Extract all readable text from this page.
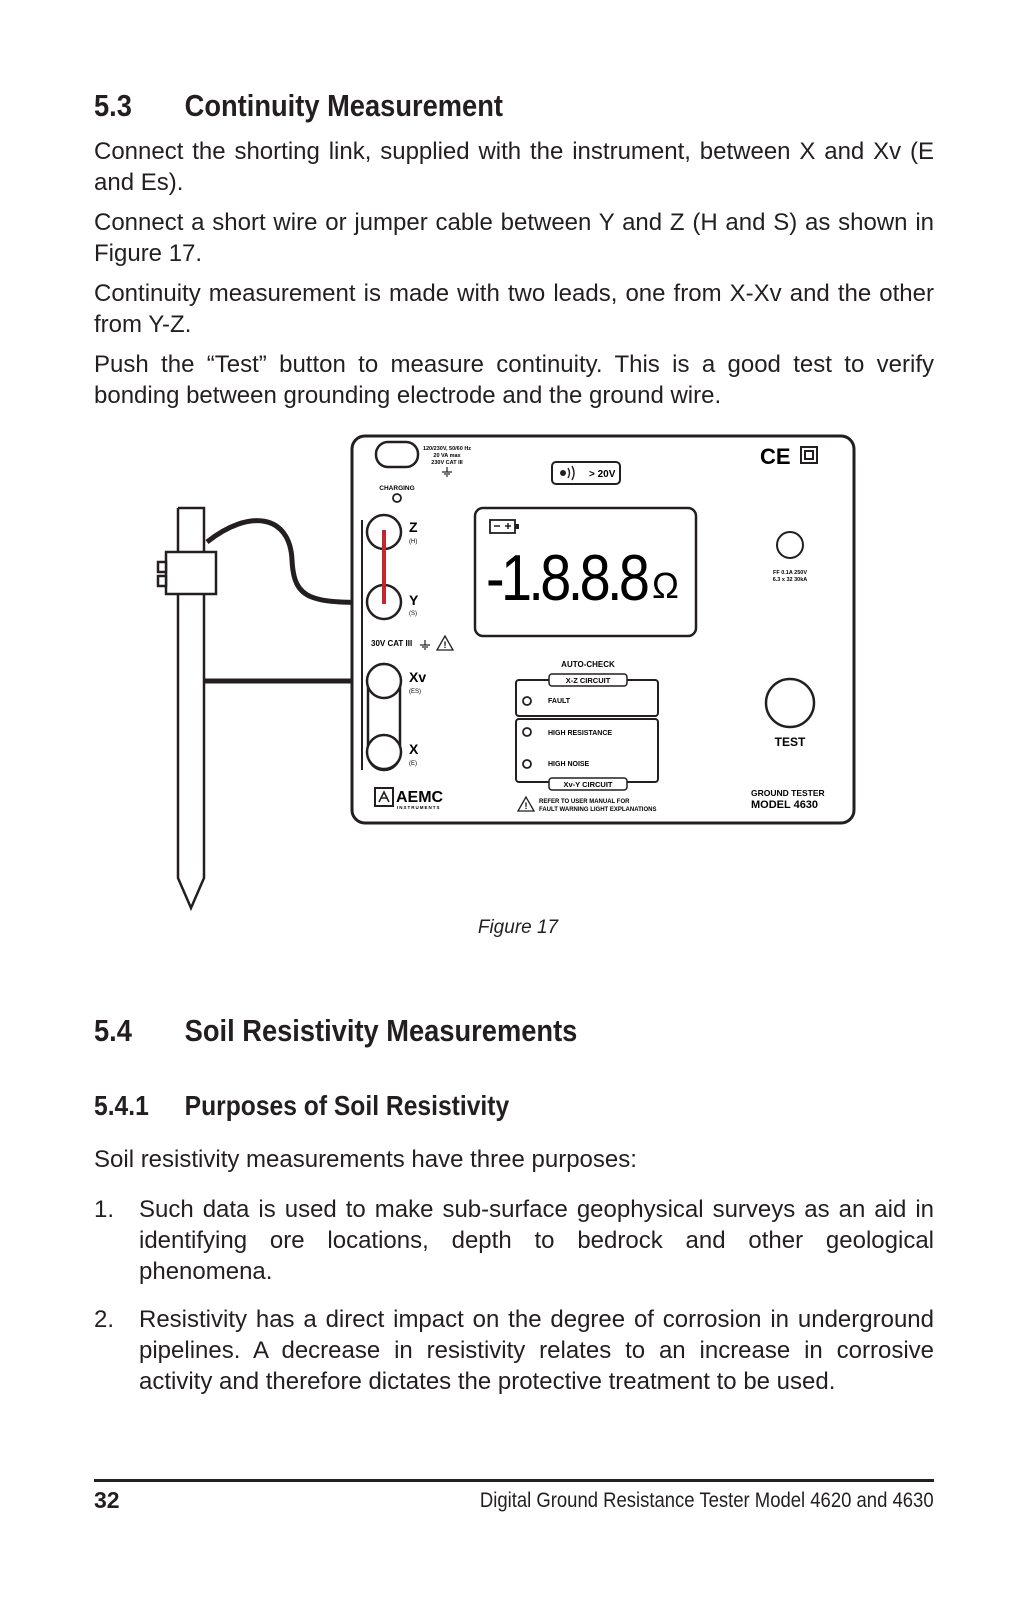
5.3 Continuity Measurement

Connect the shorting link, supplied with the instrument, between X and Xv (E and Es).

Connect a short wire or jumper cable between Y and Z (H and S) as shown in Figure 17.

Continuity measurement is made with two leads, one from X-Xv and the other from Y-Z.

Push the “Test” button to measure continuity. This is a good test to verify bonding between grounding electrode and the ground wire.

120/230V, 50/60 Hz
20 VA max
230V CAT III
CHARGING
> 20V
CE
Z
(H)
Y
(S)
30V CAT III	!
Xv
(ES)
X
(E)
-1.8.8.8 Ω
AUTO-CHECK
X-Z CIRCUIT
FAULT
HIGH RESISTANCE
HIGH NOISE
Xv-Y CIRCUIT
! REFER TO USER MANUAL FOR
FAULT WARNING LIGHT EXPLANATIONS
FF 0.1A 250V
6.3 x 32 30kA
TEST
AEMC
INSTRUMENTS
GROUND TESTER
MODEL 4630
Figure 17
5.4 Soil Resistivity Measurements
5.4.1 Purposes of Soil Resistivity

Soil resistivity measurements have three purposes:

1. Such data is used to make sub-surface geophysical surveys as an aid in identifying ore locations, depth to bedrock and other geological phenomena.
2. Resistivity has a direct impact on the degree of corrosion in underground pipelines. A decrease in resistivity relates to an increase in corrosive activity and therefore dictates the protective treatment to be used.
32	Digital Ground Resistance Tester Model 4620 and 4630
